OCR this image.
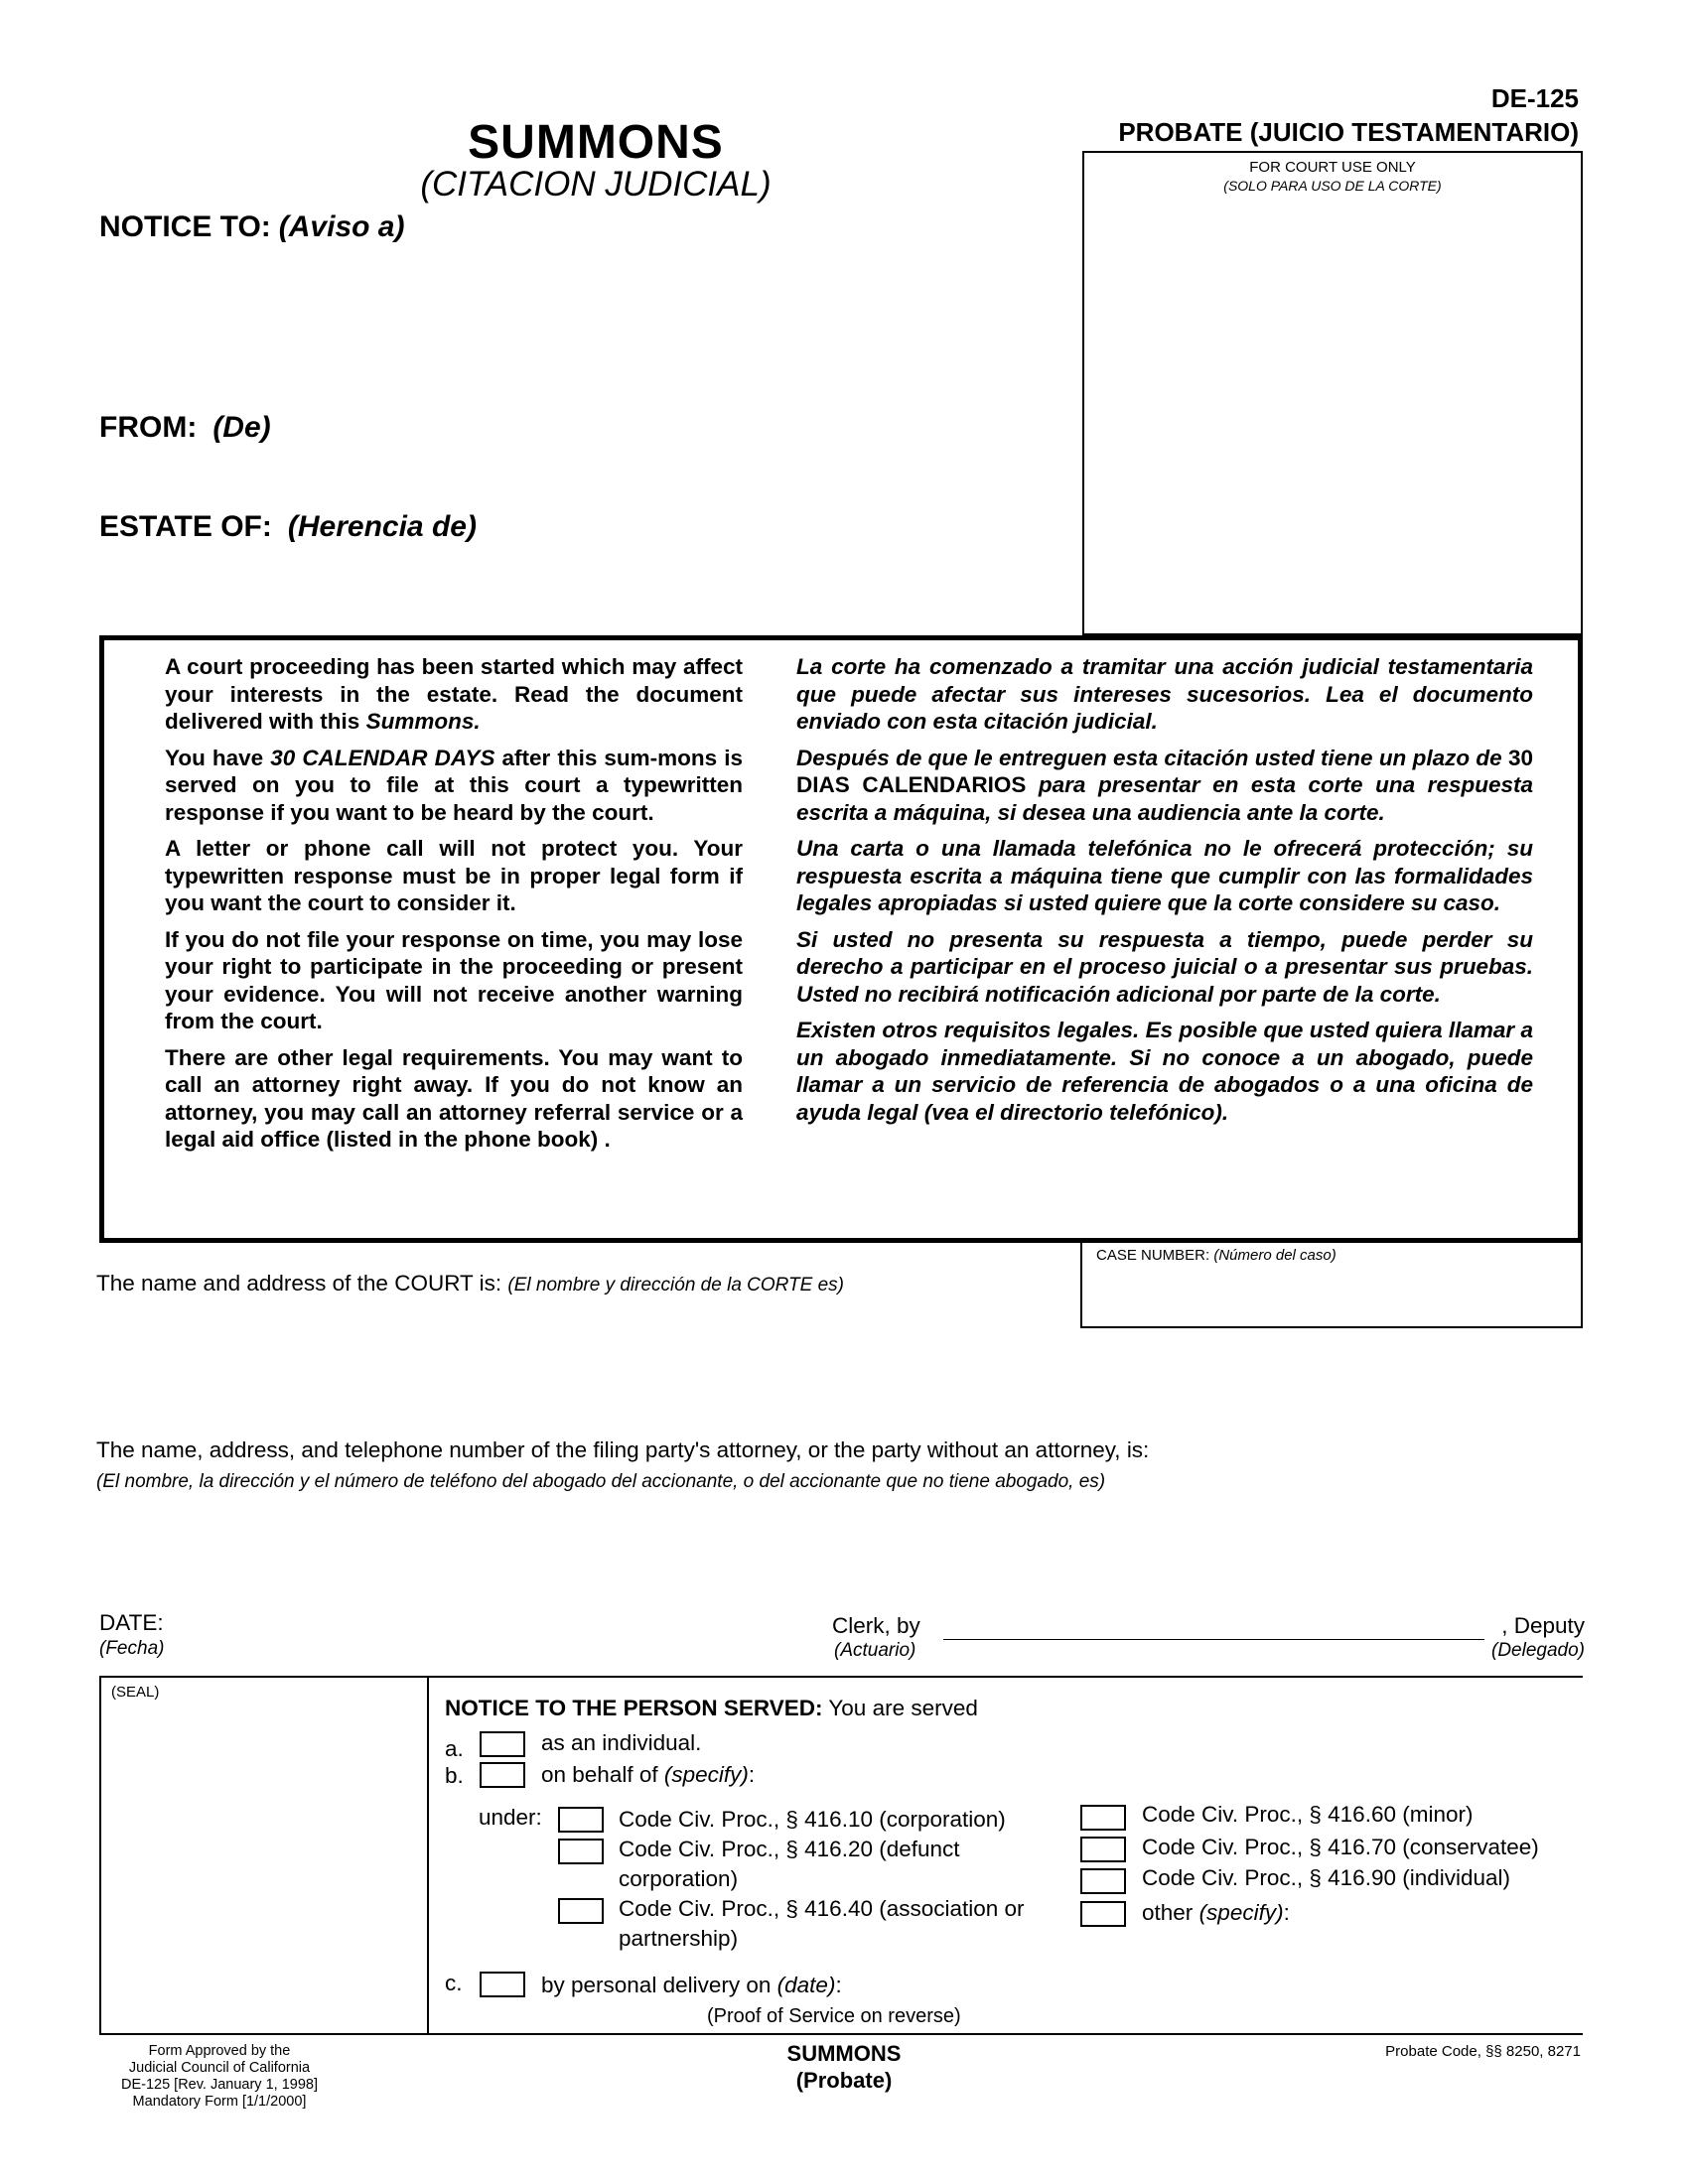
DE-125
PROBATE (JUICIO TESTAMENTARIO)
SUMMONS
(CITACION JUDICIAL)
NOTICE TO: (Aviso a)
FROM: (De)
ESTATE OF: (Herencia de)
FOR COURT USE ONLY
(SOLO PARA USO DE LA CORTE)

A court proceeding has been started which may affect your interests in the estate. Read the document delivered with this Summons.

You have 30 CALENDAR DAYS after this sum-mons is served on you to file at this court a typewritten response if you want to be heard by the court.

A letter or phone call will not protect you. Your typewritten response must be in proper legal form if you want the court to consider it.

If you do not file your response on time, you may lose your right to participate in the proceeding or present your evidence. You will not receive another warning from the court.

There are other legal requirements. You may want to call an attorney right away. If you do not know an attorney, you may call an attorney referral service or a legal aid office (listed in the phone book) .

La corte ha comenzado a tramitar una acción judicial testamentaria que puede afectar sus intereses sucesorios. Lea el documento enviado con esta citación judicial.

Después de que le entreguen esta citación usted tiene un plazo de 30 DIAS CALENDARIOS para presentar en esta corte una respuesta escrita a máquina, si desea una audiencia ante la corte.

Una carta o una llamada telefónica no le ofrecerá protección; su respuesta escrita a máquina tiene que cumplir con las formalidades legales apropiadas si usted quiere que la corte considere su caso.

Si usted no presenta su respuesta a tiempo, puede perder su derecho a participar en el proceso juicial o a presentar sus pruebas. Usted no recibirá notificación adicional por parte de la corte.

Existen otros requisitos legales. Es posible que usted quiera llamar a un abogado inmediatamente. Si no conoce a un abogado, puede llamar a un servicio de referencia de abogados o a una oficina de ayuda legal (vea el directorio telefónico).

CASE NUMBER: (Número del caso)
The name and address of the COURT is: (El nombre y dirección de la CORTE es)
The name, address, and telephone number of the filing party's attorney, or the party without an attorney, is:
(El nombre, la dirección y el número de teléfono del abogado del accionante, o del accionante que no tiene abogado, es)
DATE:
(Fecha)
Clerk, by
(Actuario)
, Deputy
(Delegado)
(SEAL)
NOTICE TO THE PERSON SERVED: You are served
a.	as an individual.
b.	on behalf of (specify):
under:	Code Civ. Proc., § 416.10 (corporation)
Code Civ. Proc., § 416.20 (defunct corporation)
Code Civ. Proc., § 416.40 (association or partnership)
Code Civ. Proc., § 416.60 (minor)
Code Civ. Proc., § 416.70 (conservatee)
Code Civ. Proc., § 416.90 (individual)
other (specify):
c.	by personal delivery on (date):
(Proof of Service on reverse)
Form Approved by the
Judicial Council of California
DE-125 [Rev. January 1, 1998]
Mandatory Form [1/1/2000]
SUMMONS
(Probate)
Probate Code, §§ 8250, 8271
